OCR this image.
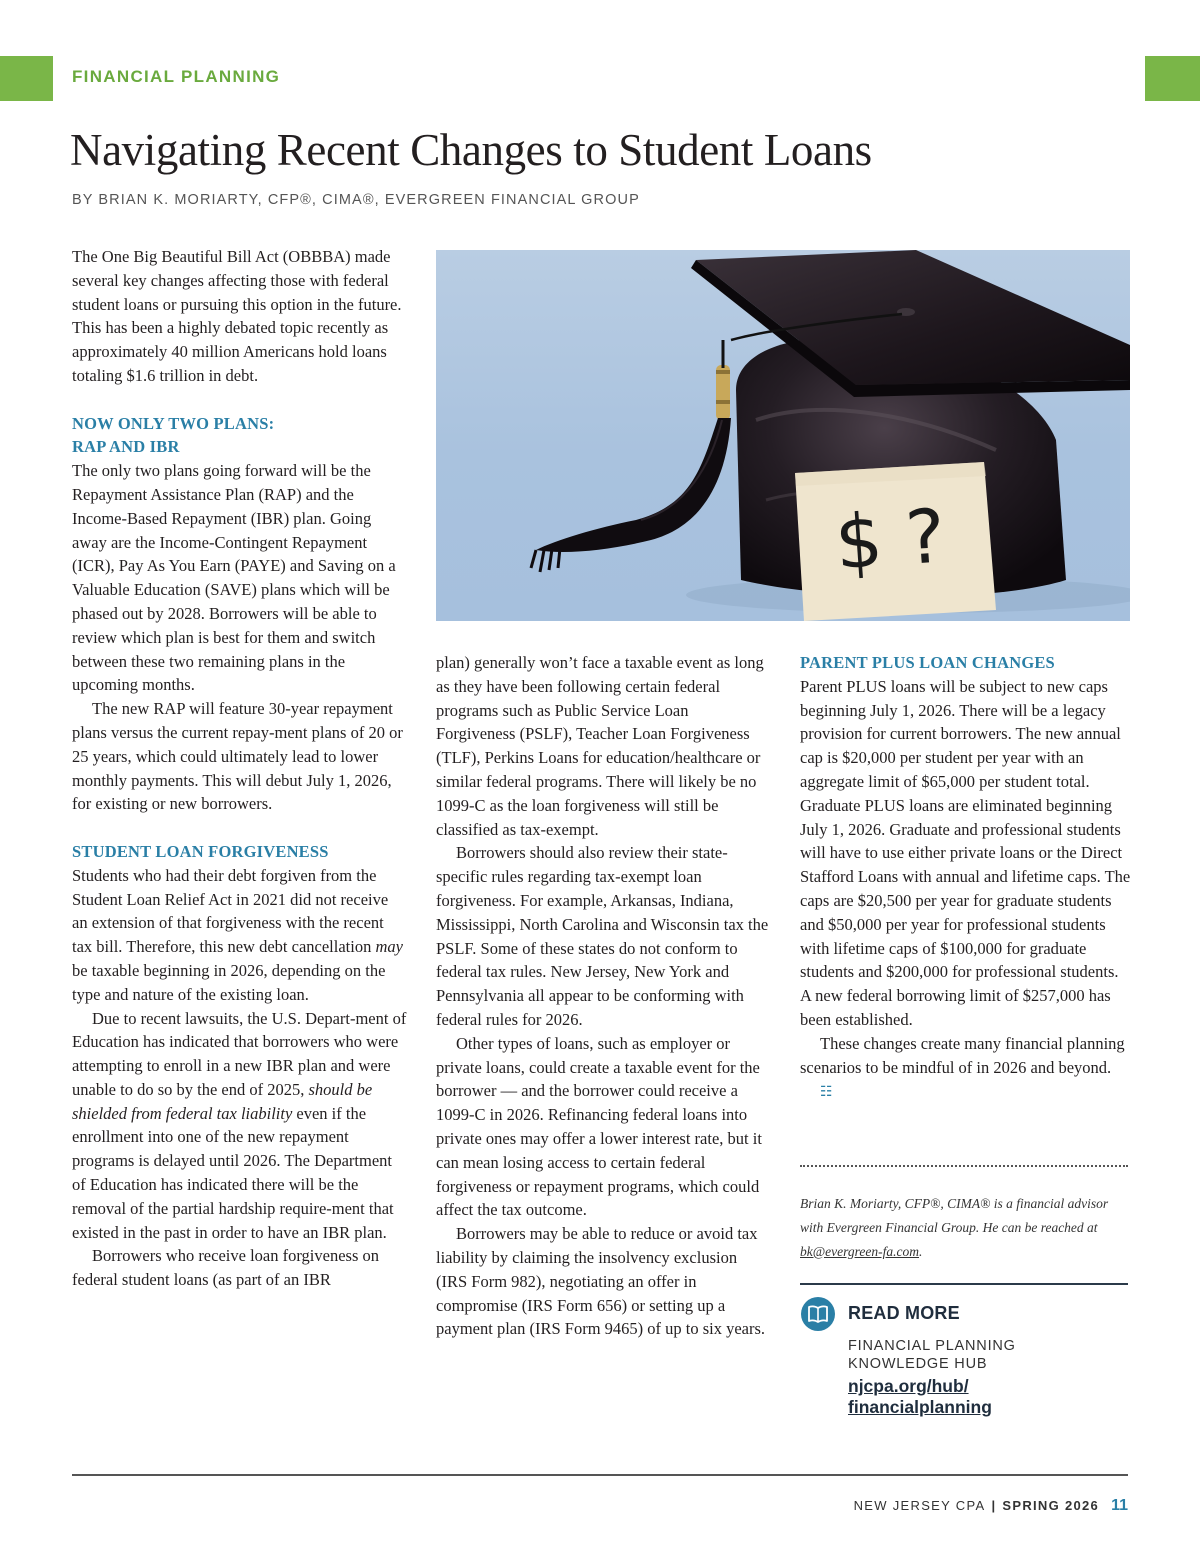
FINANCIAL PLANNING

Navigating Recent Changes to Student Loans

BY BRIAN K. MORIARTY, CFP®, CIMA®, EVERGREEN FINANCIAL GROUP

The One Big Beautiful Bill Act (OBBBA) made several key changes affecting those with federal student loans or pursuing this option in the future. This has been a highly debated topic recently as approximately 40 million Americans hold loans totaling $1.6 trillion in debt.

NOW ONLY TWO PLANS:
RAP AND IBR

The only two plans going forward will be the Repayment Assistance Plan (RAP) and the Income-Based Repayment (IBR) plan. Going away are the Income-Contingent Repayment (ICR), Pay As You Earn (PAYE) and Saving on a Valuable Education (SAVE) plans which will be phased out by 2028. Borrowers will be able to review which plan is best for them and switch between these two remaining plans in the upcoming months.

The new RAP will feature 30-year repayment plans versus the current repay-ment plans of 20 or 25 years, which could ultimately lead to lower monthly payments. This will debut July 1, 2026, for existing or new borrowers.

STUDENT LOAN FORGIVENESS

Students who had their debt forgiven from the Student Loan Relief Act in 2021 did not receive an extension of that forgiveness with the recent tax bill. Therefore, this new debt cancellation may be taxable beginning in 2026, depending on the type and nature of the existing loan.

Due to recent lawsuits, the U.S. Depart-ment of Education has indicated that borrowers who were attempting to enroll in a new IBR plan and were unable to do so by the end of 2025, should be shielded from federal tax liability even if the enrollment into one of the new repayment programs is delayed until 2026. The Department of Education has indicated there will be the removal of the partial hardship require-ment that existed in the past in order to have an IBR plan.

Borrowers who receive loan forgiveness on federal student loans (as part of an IBR

$ ?

plan) generally won’t face a taxable event as long as they have been following certain federal programs such as Public Service Loan Forgiveness (PSLF), Teacher Loan Forgiveness (TLF), Perkins Loans for education/healthcare or similar federal programs. There will likely be no 1099-C as the loan forgiveness will still be classified as tax-exempt.

Borrowers should also review their state-specific rules regarding tax-exempt loan forgiveness. For example, Arkansas, Indiana, Mississippi, North Carolina and Wisconsin tax the PSLF. Some of these states do not conform to federal tax rules. New Jersey, New York and Pennsylvania all appear to be conforming with federal rules for 2026.

Other types of loans, such as employer or private loans, could create a taxable event for the borrower — and the borrower could receive a 1099-C in 2026. Refinancing federal loans into private ones may offer a lower interest rate, but it can mean losing access to certain federal forgiveness or repayment programs, which could affect the tax outcome.

Borrowers may be able to reduce or avoid tax liability by claiming the insolvency exclusion (IRS Form 982), negotiating an offer in compromise (IRS Form 656) or setting up a payment plan (IRS Form 9465) of up to six years.

PARENT PLUS LOAN CHANGES

Parent PLUS loans will be subject to new caps beginning July 1, 2026. There will be a legacy provision for current borrowers. The new annual cap is $20,000 per student per year with an aggregate limit of $65,000 per student total. Graduate PLUS loans are eliminated beginning July 1, 2026. Graduate and professional students will have to use either private loans or the Direct Stafford Loans with annual and lifetime caps. The caps are $20,500 per year for graduate students and $50,000 per year for professional students with lifetime caps of $100,000 for graduate students and $200,000 for professional students. A new federal borrowing limit of $257,000 has been established.

These changes create many financial planning scenarios to be mindful of in 2026 and beyond. ☷

Brian K. Moriarty, CFP®, CIMA® is a financial advisor with Evergreen Financial Group. He can be reached at bk@evergreen-fa.com.

READ MORE

FINANCIAL PLANNING
KNOWLEDGE HUB

njcpa.org/hub/
financialplanning
NEW JERSEY CPA | SPRING 2026 11
